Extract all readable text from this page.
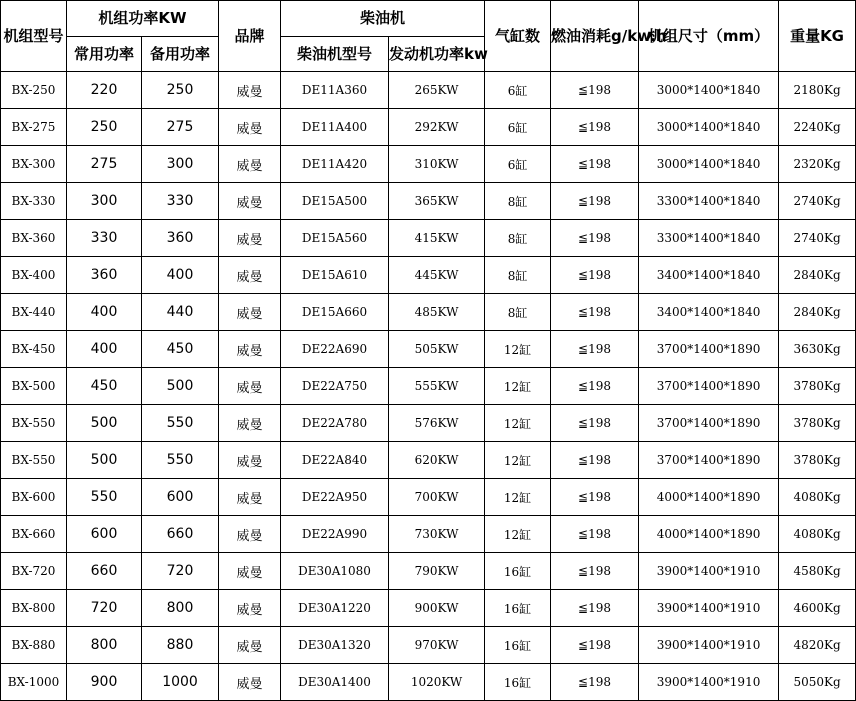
机组型号	机组功率KW		品牌	柴油机		气缸数	燃油消耗g/kw.h	机组尺寸（mm）	重量KG
	常用功率	备用功率		柴油机型号	发动机功率kw				
BX-250	220	250	威曼	DE11A360	265KW	6缸	≦198	3000*1400*1840	2180Kg
BX-275	250	275	威曼	DE11A400	292KW	6缸	≦198	3000*1400*1840	2240Kg
BX-300	275	300	威曼	DE11A420	310KW	6缸	≦198	3000*1400*1840	2320Kg
BX-330	300	330	威曼	DE15A500	365KW	8缸	≦198	3300*1400*1840	2740Kg
BX-360	330	360	威曼	DE15A560	415KW	8缸	≦198	3300*1400*1840	2740Kg
BX-400	360	400	威曼	DE15A610	445KW	8缸	≦198	3400*1400*1840	2840Kg
BX-440	400	440	威曼	DE15A660	485KW	8缸	≦198	3400*1400*1840	2840Kg
BX-450	400	450	威曼	DE22A690	505KW	12缸	≦198	3700*1400*1890	3630Kg
BX-500	450	500	威曼	DE22A750	555KW	12缸	≦198	3700*1400*1890	3780Kg
BX-550	500	550	威曼	DE22A780	576KW	12缸	≦198	3700*1400*1890	3780Kg
BX-550	500	550	威曼	DE22A840	620KW	12缸	≦198	3700*1400*1890	3780Kg
BX-600	550	600	威曼	DE22A950	700KW	12缸	≦198	4000*1400*1890	4080Kg
BX-660	600	660	威曼	DE22A990	730KW	12缸	≦198	4000*1400*1890	4080Kg
BX-720	660	720	威曼	DE30A1080	790KW	16缸	≦198	3900*1400*1910	4580Kg
BX-800	720	800	威曼	DE30A1220	900KW	16缸	≦198	3900*1400*1910	4600Kg
BX-880	800	880	威曼	DE30A1320	970KW	16缸	≦198	3900*1400*1910	4820Kg
BX-1000	900	1000	威曼	DE30A1400	1020KW	16缸	≦198	3900*1400*1910	5050Kg
